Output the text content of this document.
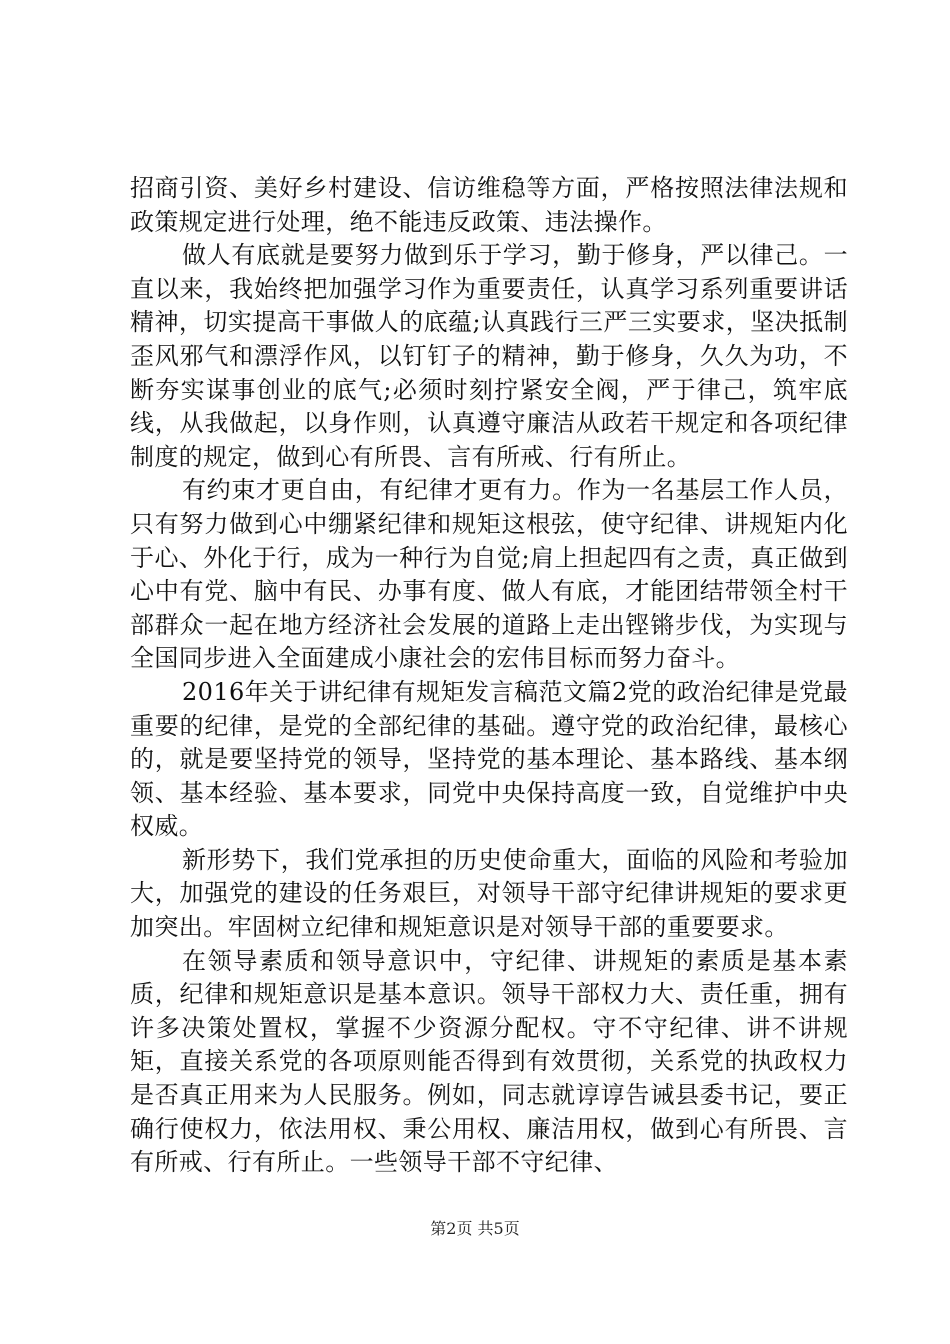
招商引资、美好乡村建设、信访维稳等方面，严格按照法律法规和政策规定进行处理，绝不能违反政策、违法操作。

做人有底就是要努力做到乐于学习，勤于修身，严以律己。一直以来，我始终把加强学习作为重要责任，认真学习系列重要讲话精神，切实提高干事做人的底蕴;认真践行三严三实要求，坚决抵制歪风邪气和漂浮作风，以钉钉子的精神，勤于修身，久久为功，不断夯实谋事创业的底气;必须时刻拧紧安全阀，严于律己，筑牢底线，从我做起，以身作则，认真遵守廉洁从政若干规定和各项纪律制度的规定，做到心有所畏、言有所戒、行有所止。

有约束才更自由，有纪律才更有力。作为一名基层工作人员，只有努力做到心中绷紧纪律和规矩这根弦，使守纪律、讲规矩内化于心、外化于行，成为一种行为自觉;肩上担起四有之责，真正做到心中有党、脑中有民、办事有度、做人有底，才能团结带领全村干部群众一起在地方经济社会发展的道路上走出铿锵步伐，为实现与全国同步进入全面建成小康社会的宏伟目标而努力奋斗。

2016年关于讲纪律有规矩发言稿范文篇2党的政治纪律是党最重要的纪律，是党的全部纪律的基础。遵守党的政治纪律，最核心的，就是要坚持党的领导，坚持党的基本理论、基本路线、基本纲领、基本经验、基本要求，同党中央保持高度一致，自觉维护中央权威。

新形势下，我们党承担的历史使命重大，面临的风险和考验加大，加强党的建设的任务艰巨，对领导干部守纪律讲规矩的要求更加突出。牢固树立纪律和规矩意识是对领导干部的重要要求。

在领导素质和领导意识中，守纪律、讲规矩的素质是基本素质，纪律和规矩意识是基本意识。领导干部权力大、责任重，拥有许多决策处置权，掌握不少资源分配权。守不守纪律、讲不讲规矩，直接关系党的各项原则能否得到有效贯彻，关系党的执政权力是否真正用来为人民服务。例如，同志就谆谆告诫县委书记，要正确行使权力，依法用权、秉公用权、廉洁用权，做到心有所畏、言有所戒、行有所止。一些领导干部不守纪律、

第2页 共5页
